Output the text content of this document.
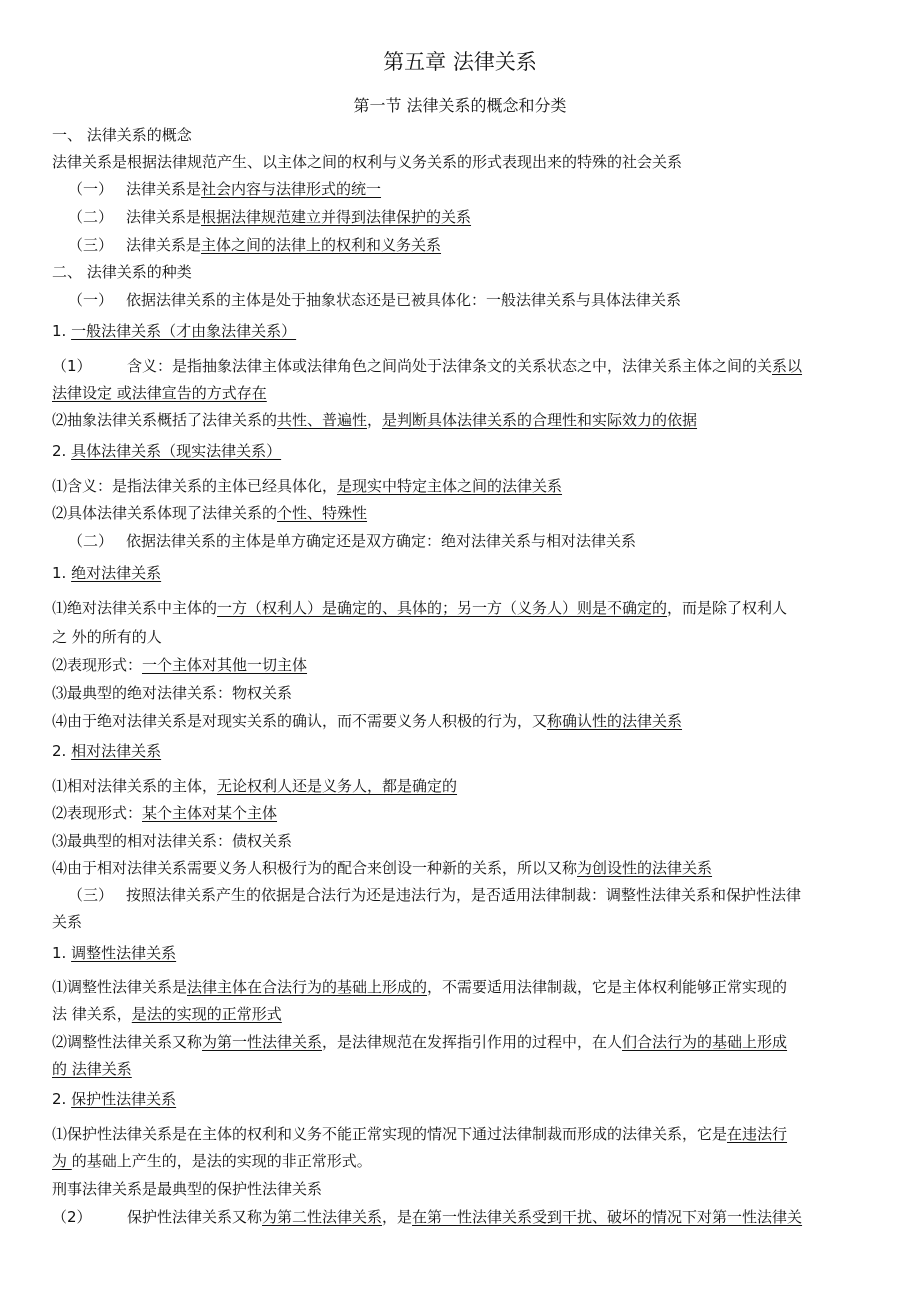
第五章 法律关系
第一节 法律关系的概念和分类
一、 法律关系的概念
法律关系是根据法律规范产生、以主体之间的权利与义务关系的形式表现出来的特殊的社会关系
（一） 法律关系是社会内容与法律形式的统一
（二） 法律关系是根据法律规范建立并得到法律保护的关系
（三） 法律关系是主体之间的法律上的权利和义务关系
二、 法律关系的种类
（一） 依据法律关系的主体是处于抽象状态还是已被具体化：一般法律关系与具体法律关系
1. 一般法律关系（才由象法律关系）
（1） 含义：是指抽象法律主体或法律角色之间尚处于法律条文的关系状态之中，法律关系主体之间的关系以
法律设定 或法律宣告的方式存在
⑵抽象法律关系概括了法律关系的共性、普遍性，是判断具体法律关系的合理性和实际效力的依据
2. 具体法律关系（现实法律关系）
⑴含义：是指法律关系的主体已经具体化，是现实中特定主体之间的法律关系
⑵具体法律关系体现了法律关系的个性、特殊性
（二） 依据法律关系的主体是单方确定还是双方确定：绝对法律关系与相对法律关系
1. 绝对法律关系
⑴绝对法律关系中主体的一方（权利人）是确定的、具体的；另一方（义务人）则是不确定的，而是除了权利人
之 外的所有的人
⑵表现形式：一个主体对其他一切主体
⑶最典型的绝对法律关系：物权关系
⑷由于绝对法律关系是对现实关系的确认，而不需要义务人积极的行为，又称确认性的法律关系
2. 相对法律关系
⑴相对法律关系的主体，无论权利人还是义务人，都是确定的
⑵表现形式：某个主体对某个主体
⑶最典型的相对法律关系：债权关系
⑷由于相对法律关系需要义务人积极行为的配合来创设一种新的关系，所以又称为创设性的法律关系
（三） 按照法律关系产生的依据是合法行为还是违法行为，是否适用法律制裁：调整性法律关系和保护性法律
关系
1. 调整性法律关系
⑴调整性法律关系是法律主体在合法行为的基础上形成的，不需要适用法律制裁，它是主体权利能够正常实现的
法 律关系，是法的实现的正常形式
⑵调整性法律关系又称为第一性法律关系，是法律规范在发挥指引作用的过程中，在人们合法行为的基础上形成
的 法律关系
2. 保护性法律关系
⑴保护性法律关系是在主体的权利和义务不能正常实现的情况下通过法律制裁而形成的法律关系，它是在违法行
为 的基础上产生的，是法的实现的非正常形式。
刑事法律关系是最典型的保护性法律关系
（2） 保护性法律关系又称为第二性法律关系，是在第一性法律关系受到干扰、破坏的情况下对第一性法律关
